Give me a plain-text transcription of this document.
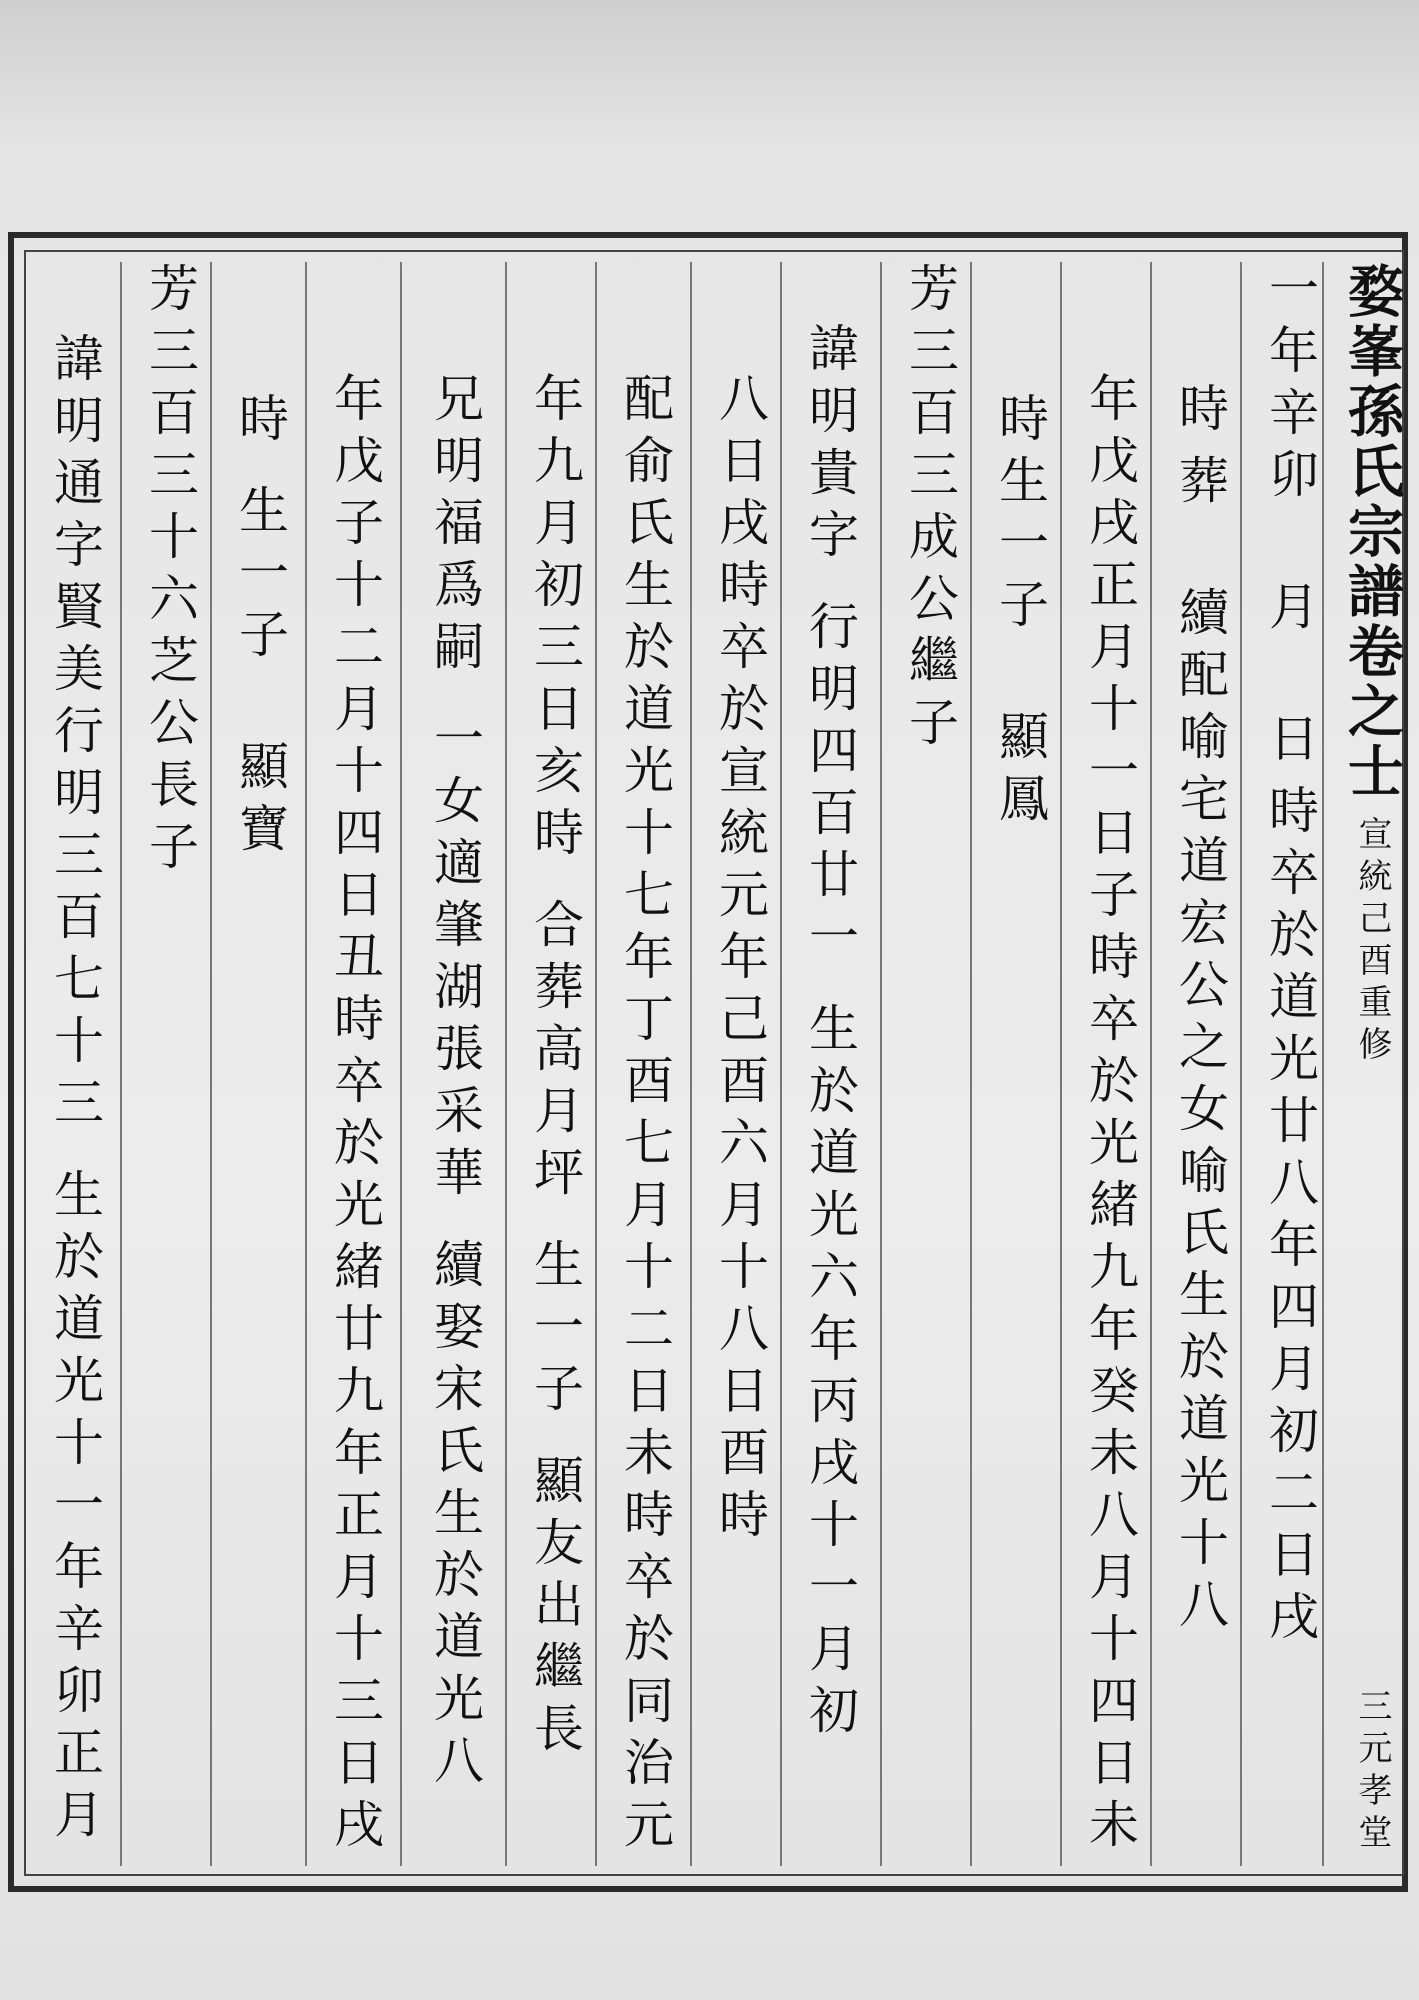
婺峯孫氏宗譜卷之士
宣統己酉重修
三元孝堂
一年辛卯
月
日
時卒於道光廿八年四月初二日戌
時
葬
續配喻宅道宏公之女喻氏生於道光十八
年戊戌正月十一日子時卒於光緒九年癸未八月十四日未
時生一子
顯鳳
芳三百三成公繼子
諱明貴字
行明四百廿一
生於道光六年丙戌十一月初
八日戌時卒於宣統元年己酉六月十八日酉時
配俞氏生於道光十七年丁酉七月十二日未時卒於同治元
年九月初三日亥時
合葬高月坪
生一子
顯友出繼長
兄明福爲嗣
一女適肇湖張采華
續娶宋氏生於道光八
年戊子十二月十四日丑時卒於光緒廿九年正月十三日戌
時
生一子
顯寶
芳三百三十六芝公長子
諱明通字賢美行明三百七十三
生於道光十一年辛卯正月
